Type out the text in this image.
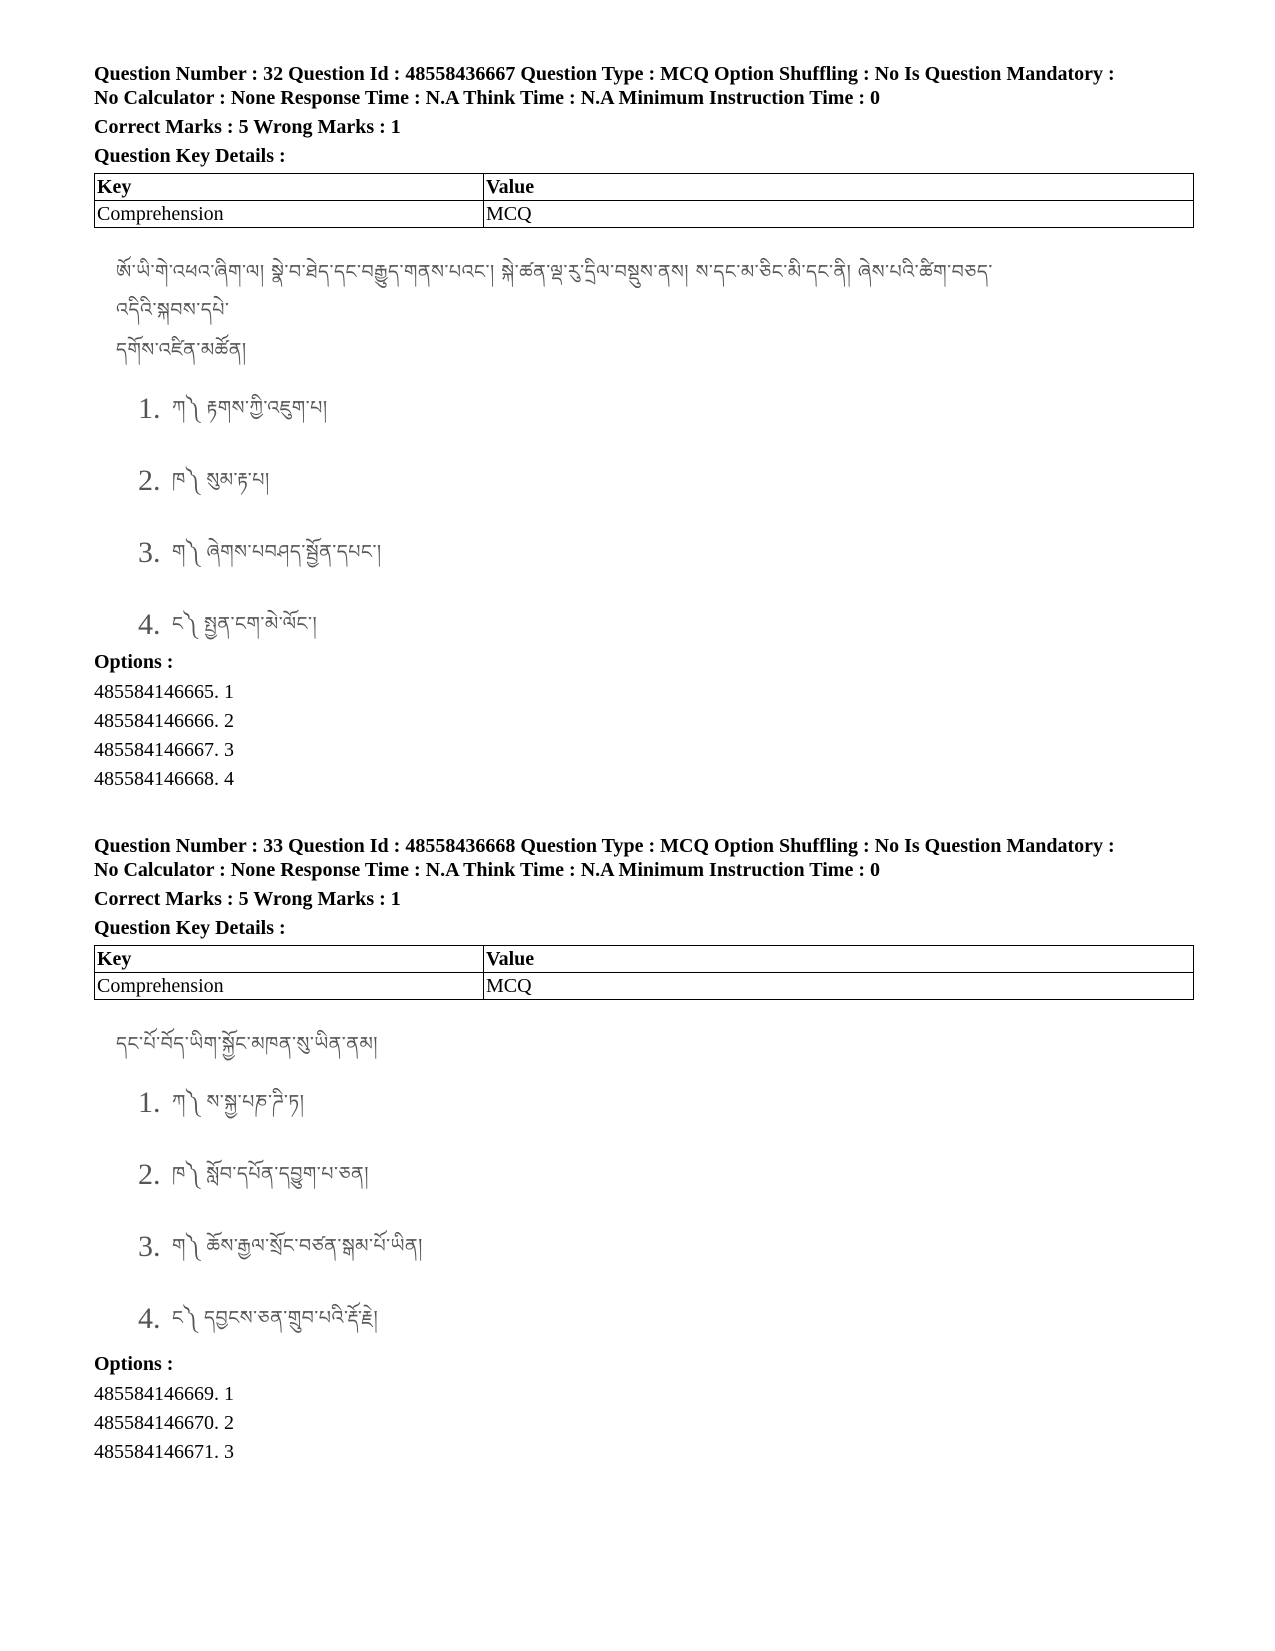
Question Number : 32 Question Id : 48558436667 Question Type : MCQ Option Shuffling : No Is Question Mandatory :
No Calculator : None Response Time : N.A Think Time : N.A Minimum Instruction Time : 0
Correct Marks : 5 Wrong Marks : 1
Question Key Details :
Key	Value
Comprehension	MCQ
ཨོ་ཡི་གེ་འཕའ་ཞིག་ལ། སྣེ་བ་ཐེད་དང་བརྒྱུད་གནས་པའང་། སྐེ་ཚན་ལྡ་རུ་དྲིལ་བསྡུས་ནས། ས་དང་མ་ཅིང་མི་དང་ནི། ཞེས་པའི་ཚིག་བཅད་
འདིའི་སྐབས་དཔེ་
དགོས་འཛིན་མཚོན།
1. ཀ༽ རྟགས་ཀྱི་འཇུག་པ།
2. ཁ༽ སུམ་རྟ་པ།
3. ག༽ ཞེགས་པབཤད་སྦྱོན་དཔང་།
4. ང༽ སྤྱན་ངག་མེ་ལོང་།
Options :
485584146665. 1
485584146666. 2
485584146667. 3
485584146668. 4
Question Number : 33 Question Id : 48558436668 Question Type : MCQ Option Shuffling : No Is Question Mandatory :
No Calculator : None Response Time : N.A Think Time : N.A Minimum Instruction Time : 0
Correct Marks : 5 Wrong Marks : 1
Question Key Details :
Key	Value
Comprehension	MCQ
དང་པོ་བོད་ཡིག་སྐྱོང་མཁན་སུ་ཡིན་ནམ།
1. ཀ༽ ས་སྐྱ་པཎ་ཌི་ཏ།
2. ཁ༽ སློབ་དཔོན་དབྱུག་པ་ཅན།
3. ག༽ ཆོས་རྒྱལ་སྲོང་བཙན་སྒམ་པོ་ཡིན།
4. ང༽ དབྱངས་ཅན་གྲུབ་པའི་རྡོ་རྗེ།
Options :
485584146669. 1
485584146670. 2
485584146671. 3
